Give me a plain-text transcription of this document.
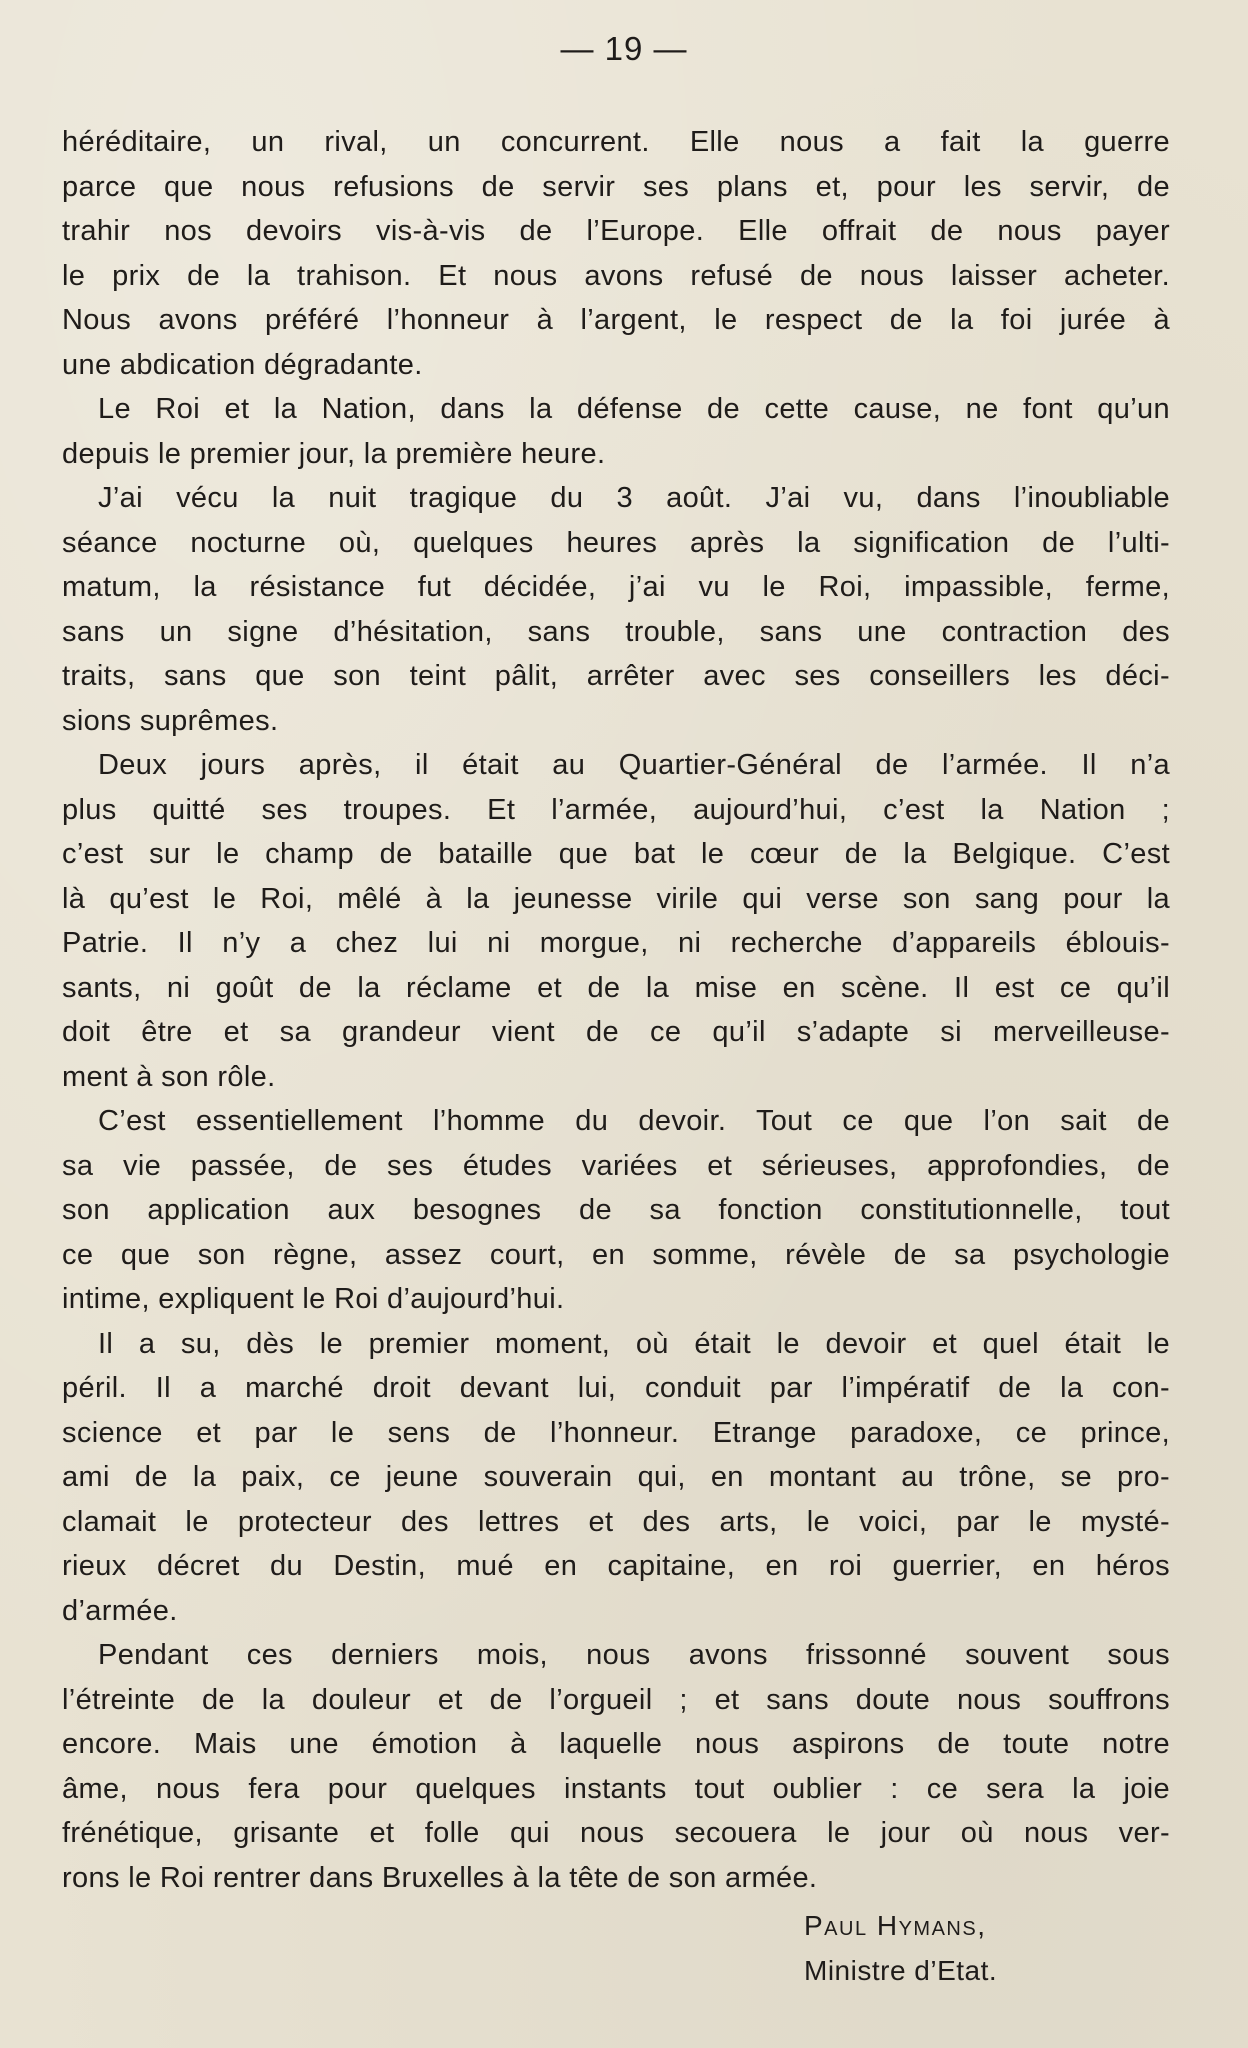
— 19 —
héréditaire, un rival, un concurrent. Elle nous a fait la guerre
parce que nous refusions de servir ses plans et, pour les servir, de
trahir nos devoirs vis-à-vis de l’Europe. Elle offrait de nous payer
le prix de la trahison. Et nous avons refusé de nous laisser acheter.
Nous avons préféré l’honneur à l’argent, le respect de la foi jurée à
une abdication dégradante.
Le Roi et la Nation, dans la défense de cette cause, ne font qu’un
depuis le premier jour, la première heure.
J’ai vécu la nuit tragique du 3 août. J’ai vu, dans l’inoubliable
séance nocturne où, quelques heures après la signification de l’ulti-
matum, la résistance fut décidée, j’ai vu le Roi, impassible, ferme,
sans un signe d’hésitation, sans trouble, sans une contraction des
traits, sans que son teint pâlit, arrêter avec ses conseillers les déci-
sions suprêmes.
Deux jours après, il était au Quartier-Général de l’armée. Il n’a
plus quitté ses troupes. Et l’armée, aujourd’hui, c’est la Nation ;
c’est sur le champ de bataille que bat le cœur de la Belgique. C’est
là qu’est le Roi, mêlé à la jeunesse virile qui verse son sang pour la
Patrie. Il n’y a chez lui ni morgue, ni recherche d’appareils éblouis-
sants, ni goût de la réclame et de la mise en scène. Il est ce qu’il
doit être et sa grandeur vient de ce qu’il s’adapte si merveilleuse-
ment à son rôle.
C’est essentiellement l’homme du devoir. Tout ce que l’on sait de
sa vie passée, de ses études variées et sérieuses, approfondies, de
son application aux besognes de sa fonction constitutionnelle, tout
ce que son règne, assez court, en somme, révèle de sa psychologie
intime, expliquent le Roi d’aujourd’hui.
Il a su, dès le premier moment, où était le devoir et quel était le
péril. Il a marché droit devant lui, conduit par l’impératif de la con-
science et par le sens de l’honneur. Etrange paradoxe, ce prince,
ami de la paix, ce jeune souverain qui, en montant au trône, se pro-
clamait le protecteur des lettres et des arts, le voici, par le mysté-
rieux décret du Destin, mué en capitaine, en roi guerrier, en héros
d’armée.
Pendant ces derniers mois, nous avons frissonné souvent sous
l’étreinte de la douleur et de l’orgueil ; et sans doute nous souffrons
encore. Mais une émotion à laquelle nous aspirons de toute notre
âme, nous fera pour quelques instants tout oublier : ce sera la joie
frénétique, grisante et folle qui nous secouera le jour où nous ver-
rons le Roi rentrer dans Bruxelles à la tête de son armée.
Paul Hymans,
Ministre d’Etat.
